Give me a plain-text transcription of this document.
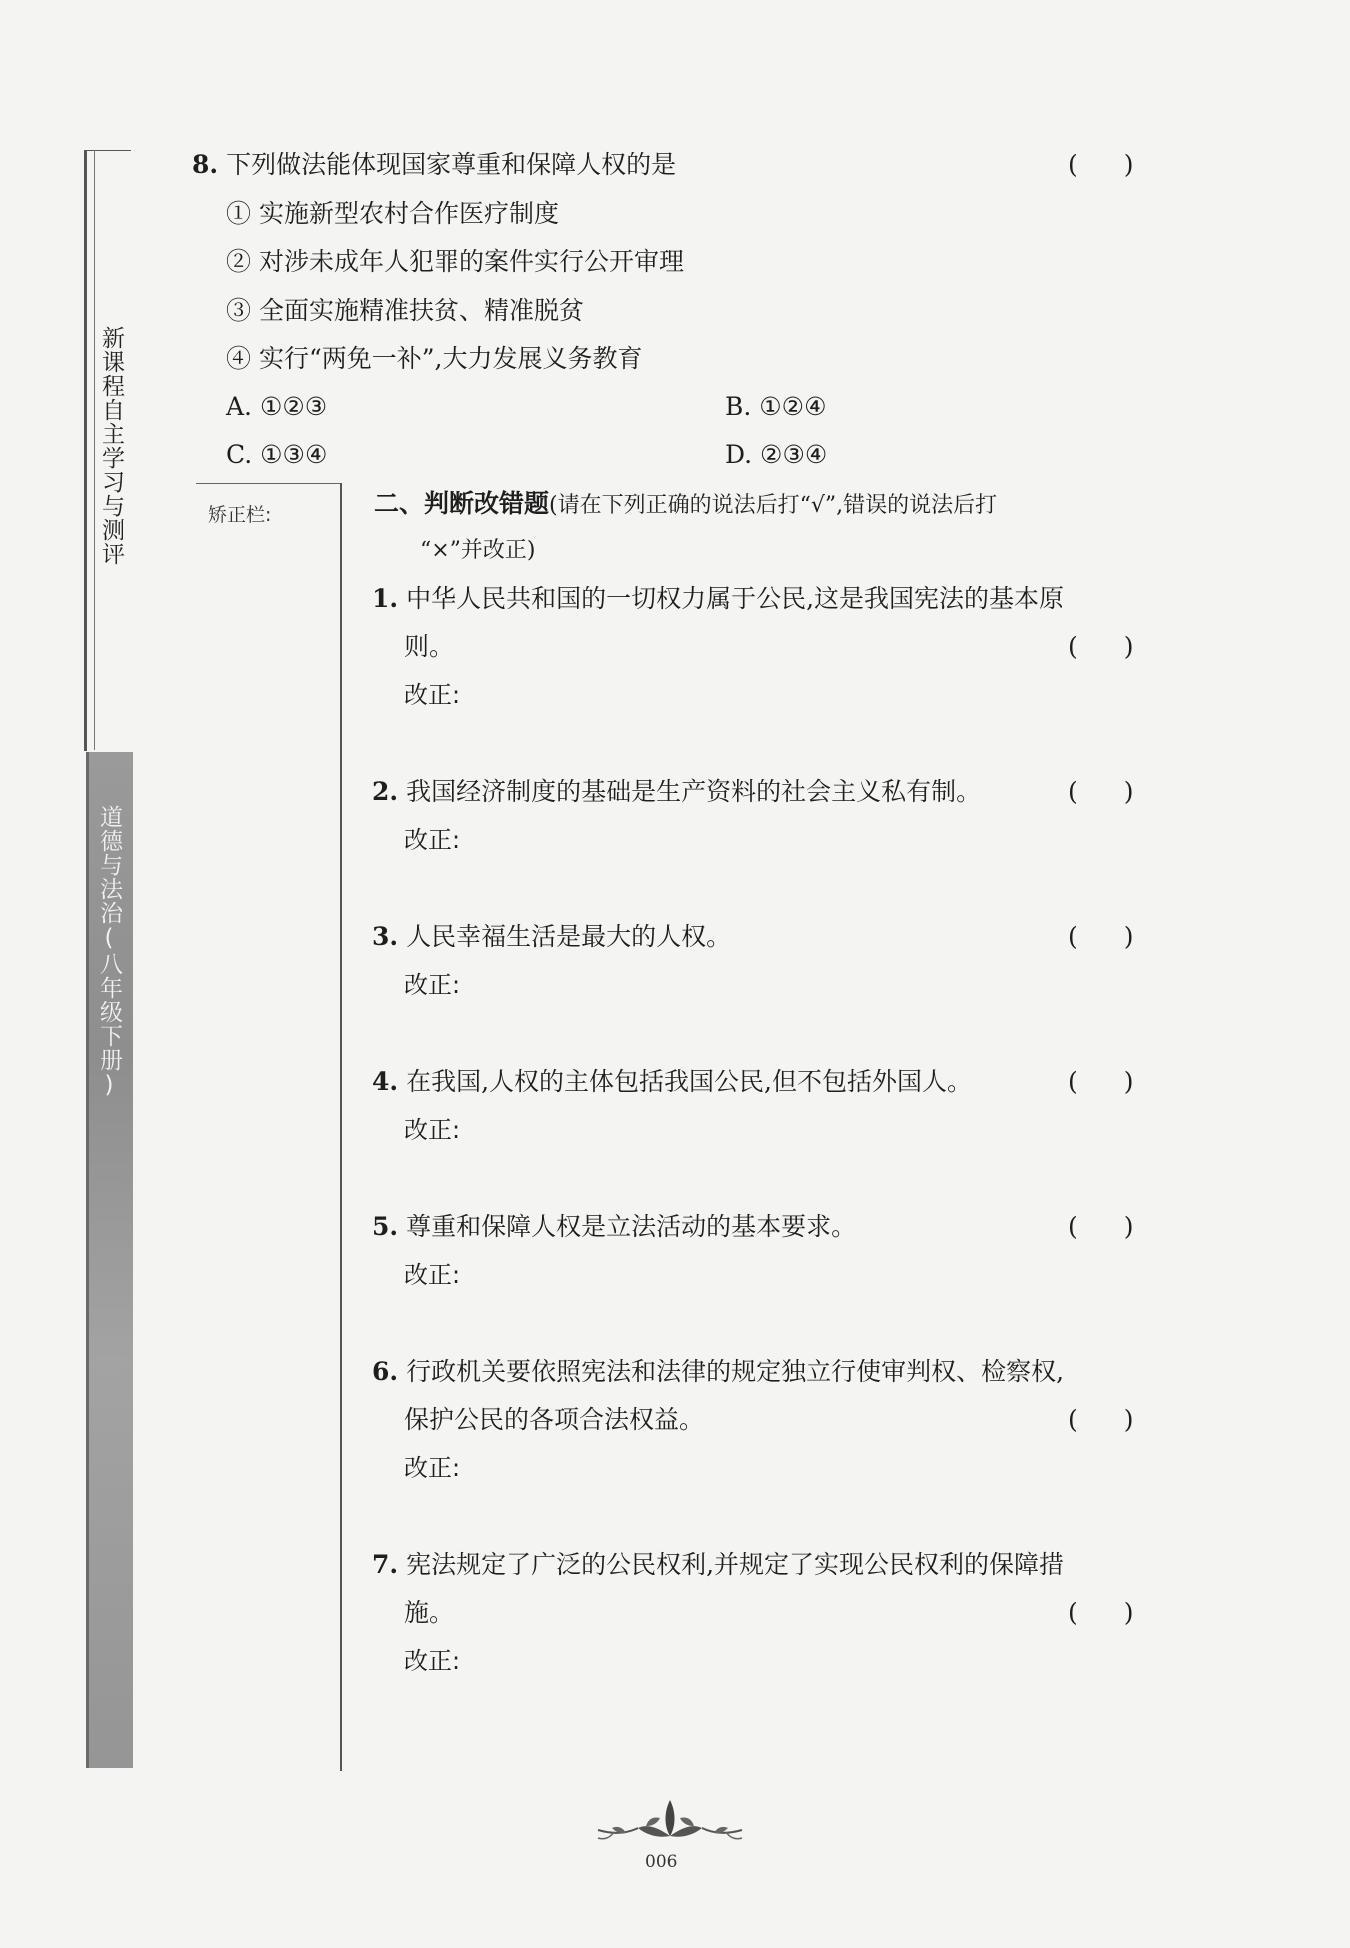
新课程自主学习与测评
道德与法治(八年级下册)
矫正栏:
8. 下列做法能体现国家尊重和保障人权的是	( )
① 实施新型农村合作医疗制度
② 对涉未成年人犯罪的案件实行公开审理
③ 全面实施精准扶贫、精准脱贫
④ 实行“两免一补”,大力发展义务教育
A. ①②③	B. ①②④
C. ①③④	D. ②③④
二、判断改错题(请在下列正确的说法后打“√”,错误的说法后打
“×”并改正)
1. 中华人民共和国的一切权力属于公民,这是我国宪法的基本原
则。	( )
改正:
2. 我国经济制度的基础是生产资料的社会主义私有制。	( )
改正:
3. 人民幸福生活是最大的人权。	( )
改正:
4. 在我国,人权的主体包括我国公民,但不包括外国人。	( )
改正:
5. 尊重和保障人权是立法活动的基本要求。	( )
改正:
6. 行政机关要依照宪法和法律的规定独立行使审判权、检察权,
保护公民的各项合法权益。	( )
改正:
7. 宪法规定了广泛的公民权利,并规定了实现公民权利的保障措
施。	( )
改正:
006
